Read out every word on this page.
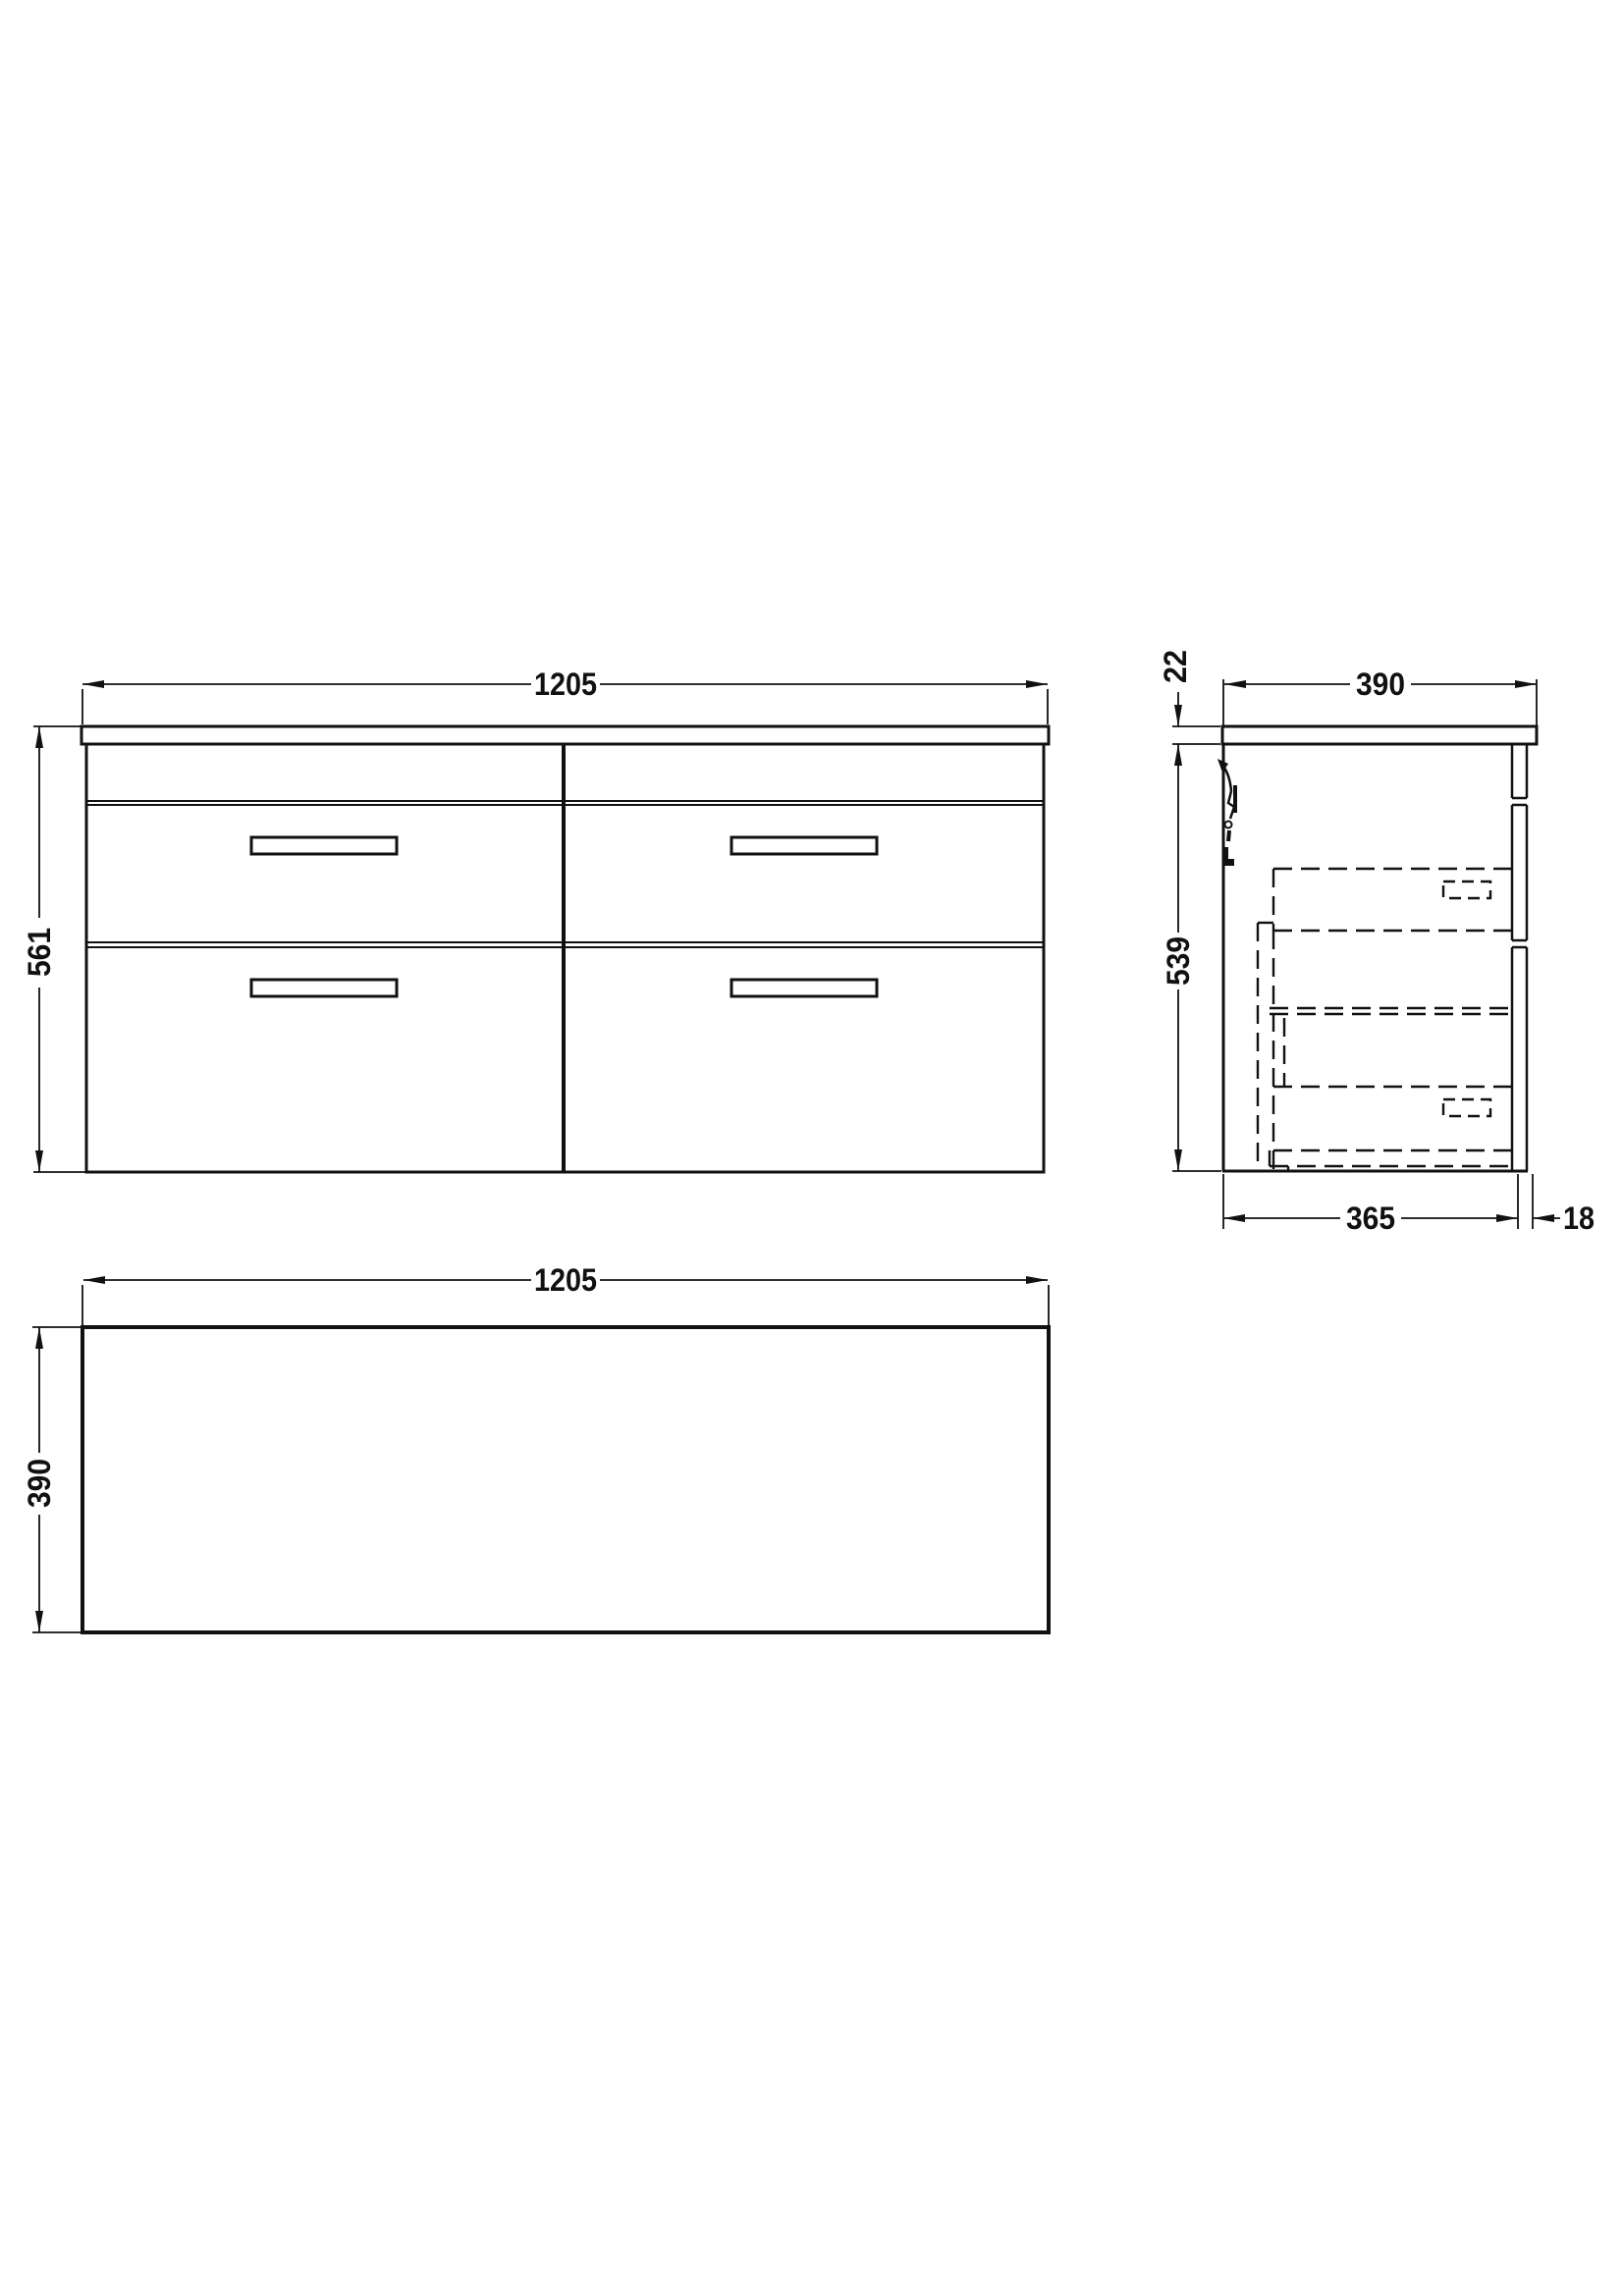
1205
561
390
22
539
365	18
1205
390
